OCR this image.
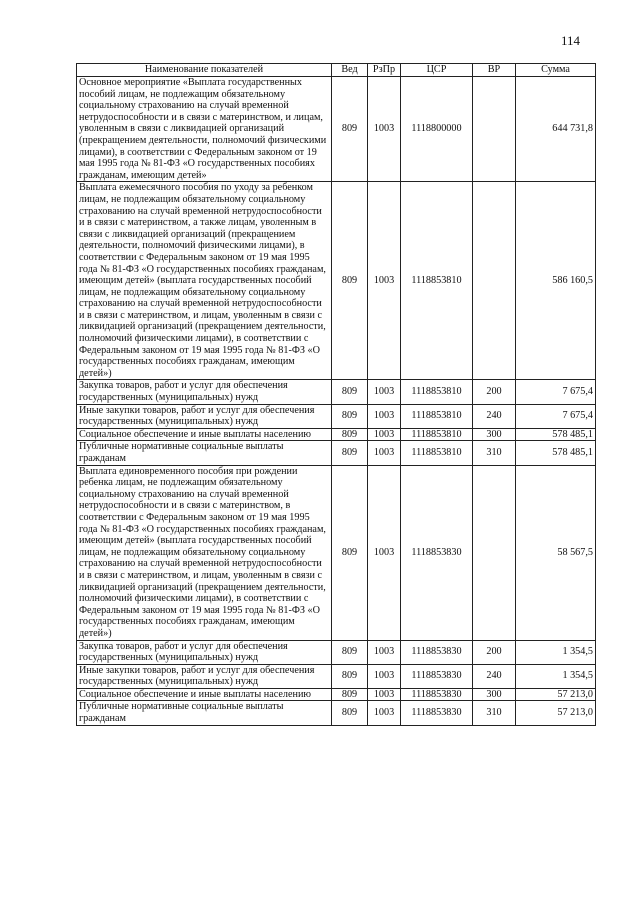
114
Наименование показателей	Вед	РзПр	ЦСР	ВР	Сумма
Основное мероприятие «Выплата государственных пособий лицам, не подлежащим обязательному социальному страхованию на случай временной нетрудоспособности и в связи с материнством, и лицам, уволенным в связи с ликвидацией организаций (прекращением деятельности, полномочий физическими лицами), в соответствии с Федеральным законом от 19 мая 1995 года № 81-ФЗ «О государственных пособиях гражданам, имеющим детей»	809	1003	1118800000		644 731,8
Выплата ежемесячного пособия по уходу за ребенком лицам, не подлежащим обязательному социальному страхованию на случай временной нетрудоспособности и в связи с материнством, а также лицам, уволенным в связи с ликвидацией организаций (прекращением деятельности, полномочий физическими лицами), в соответствии с Федеральным законом от 19 мая 1995 года № 81-ФЗ «О государственных пособиях гражданам, имеющим детей» (выплата государственных пособий лицам, не подлежащим обязательному социальному страхованию на случай временной нетрудоспособности и в связи с материнством, и лицам, уволенным в связи с ликвидацией организаций (прекращением деятельности, полномочий физическими лицами), в соответствии с Федеральным законом от 19 мая 1995 года № 81-ФЗ «О государственных пособиях гражданам, имеющим детей»)	809	1003	1118853810		586 160,5
Закупка товаров, работ и услуг для обеспечения государственных (муниципальных) нужд	809	1003	1118853810	200	7 675,4
Иные закупки товаров, работ и услуг для обеспечения государственных (муниципальных) нужд	809	1003	1118853810	240	7 675,4
Социальное обеспечение и иные выплаты населению	809	1003	1118853810	300	578 485,1
Публичные нормативные социальные выплаты гражданам	809	1003	1118853810	310	578 485,1
Выплата единовременного пособия при рождении ребенка лицам, не подлежащим обязательному социальному страхованию на случай временной нетрудоспособности и в связи с материнством, в соответствии с Федеральным законом от 19 мая 1995 года № 81-ФЗ «О государственных пособиях гражданам, имеющим детей» (выплата государственных пособий лицам, не подлежащим обязательному социальному страхованию на случай временной нетрудоспособности и в связи с материнством, и лицам, уволенным в связи с ликвидацией организаций (прекращением деятельности, полномочий физическими лицами), в соответствии с Федеральным законом от 19 мая 1995 года № 81-ФЗ «О государственных пособиях гражданам, имеющим детей»)	809	1003	1118853830		58 567,5
Закупка товаров, работ и услуг для обеспечения государственных (муниципальных) нужд	809	1003	1118853830	200	1 354,5
Иные закупки товаров, работ и услуг для обеспечения государственных (муниципальных) нужд	809	1003	1118853830	240	1 354,5
Социальное обеспечение и иные выплаты населению	809	1003	1118853830	300	57 213,0
Публичные нормативные социальные выплаты гражданам	809	1003	1118853830	310	57 213,0
